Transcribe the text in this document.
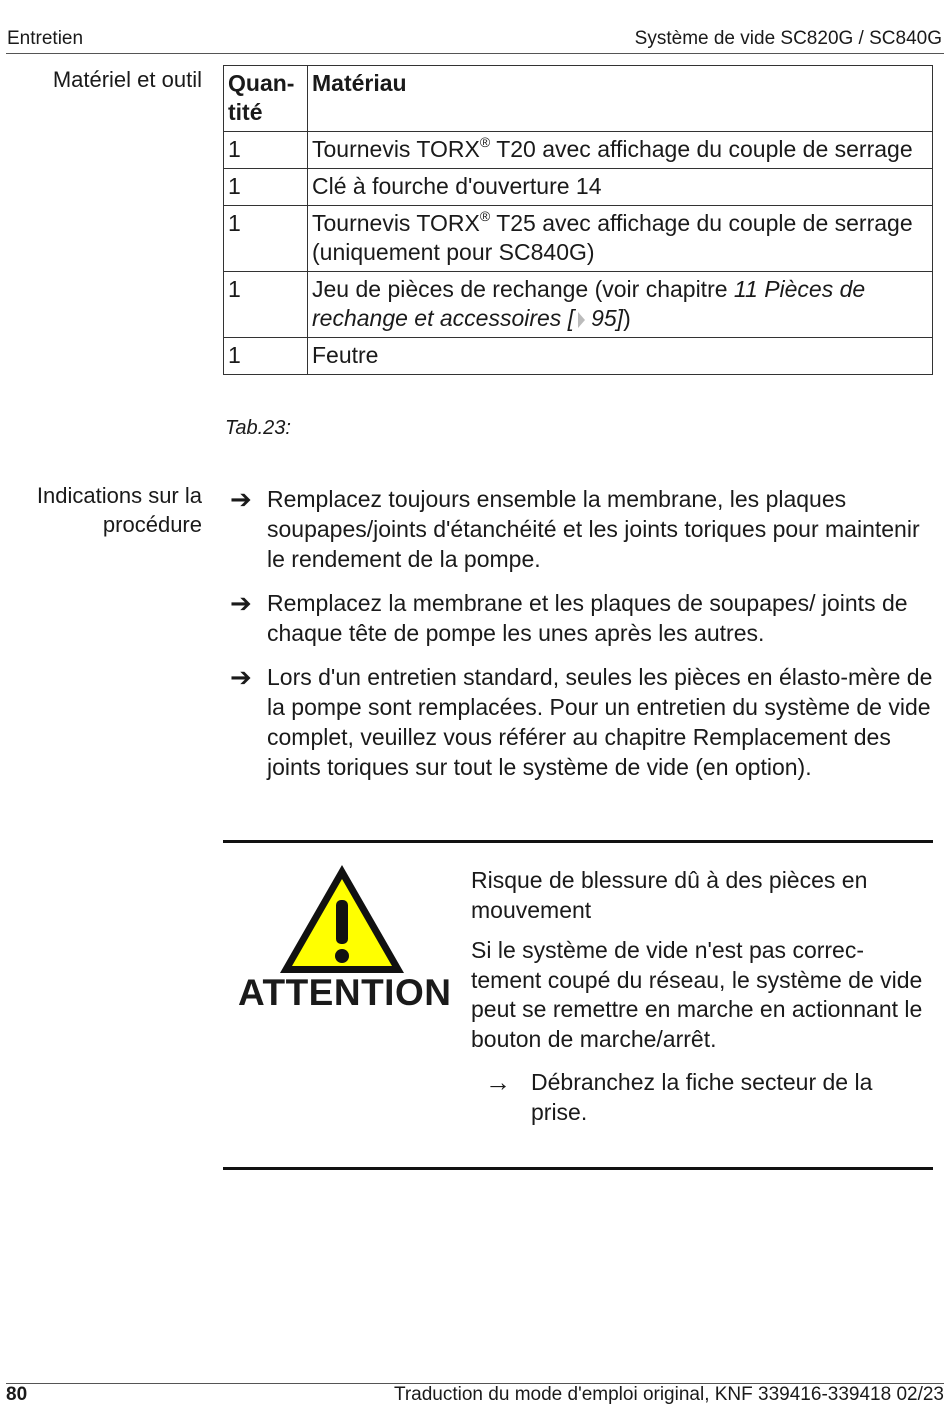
Entretien	Système de vide SC820G / SC840G
Matériel et outil Quan-
tité	Matériau
1	Tournevis TORX® T20 avec affichage du couple de serrage
1	Clé à fourche d'ouverture 14
1	Tournevis TORX® T25 avec affichage du couple de serrage (uniquement pour SC840G)
1	Jeu de pièces de rechange (voir chapitre 11 Pièces de rechange et accessoires [ 95])
1	Feutre
Tab.23:
Indications sur la
procédure
➔ Remplacez toujours ensemble la membrane, les plaques soupapes/joints d'étanchéité et les joints toriques pour maintenir le rendement de la pompe.
➔ Remplacez la membrane et les plaques de soupapes/ joints de chaque tête de pompe les unes après les autres.
➔ Lors d'un entretien standard, seules les pièces en élasto-mère de la pompe sont remplacées. Pour un entretien du système de vide complet, veuillez vous référer au chapitre Remplacement des joints toriques sur tout le système de vide (en option).
ATTENTION

Risque de blessure dû à des pièces en mouvement

Si le système de vide n'est pas correc-tement coupé du réseau, le système de vide peut se remettre en marche en actionnant le bouton de marche/arrêt.

→ Débranchez la fiche secteur de la prise.
80	Traduction du mode d'emploi original, KNF 339416-339418 02/23
